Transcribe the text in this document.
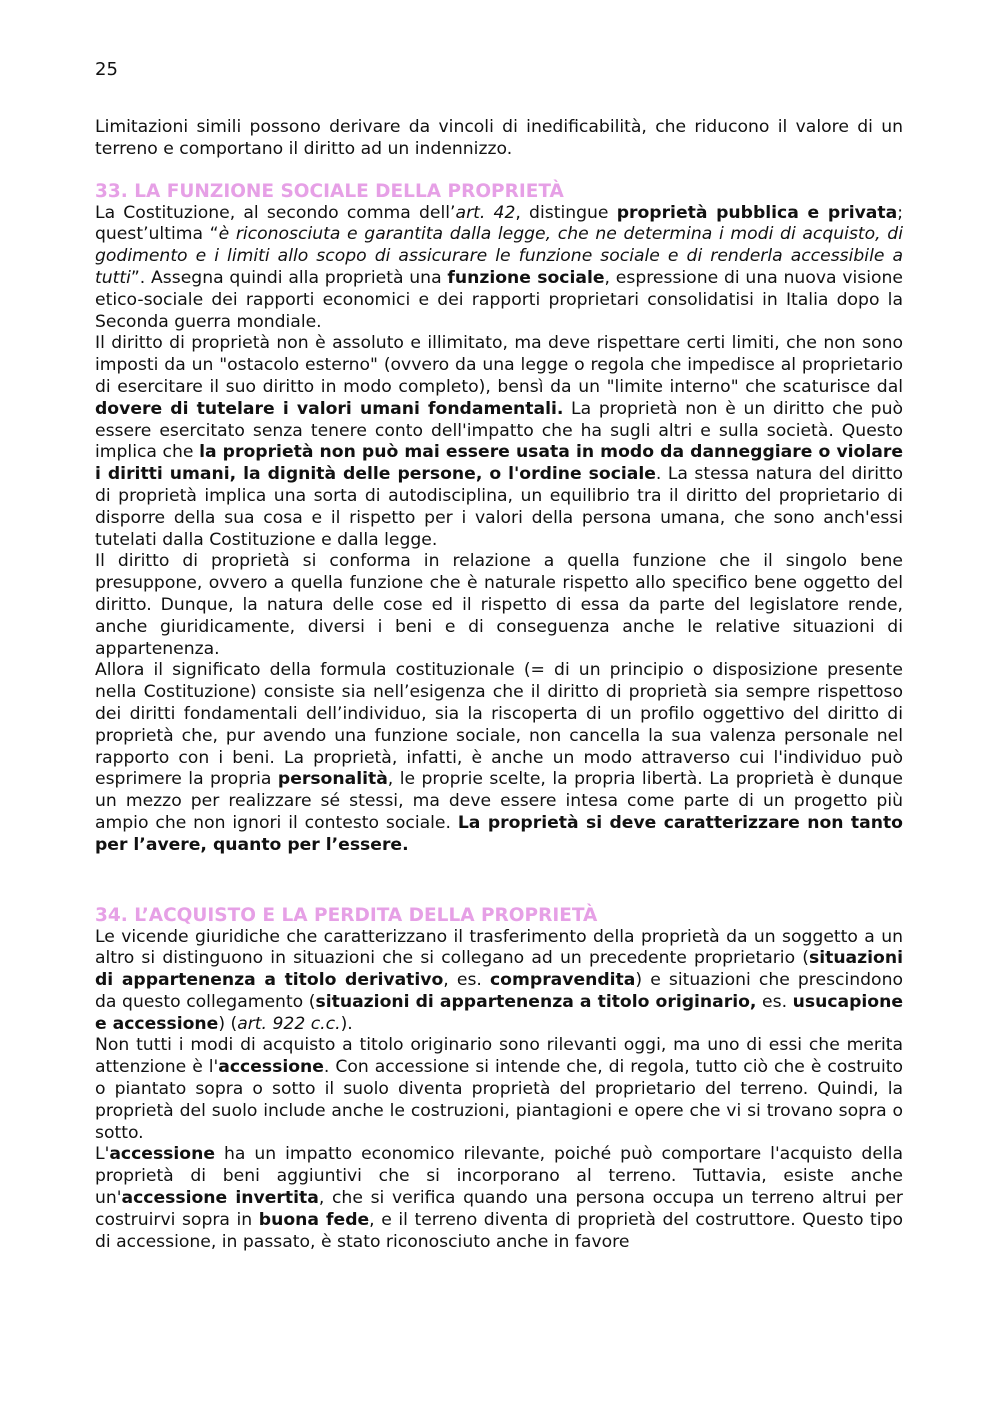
25

Limitazioni simili possono derivare da vincoli di inedificabilità, che riducono il valore di un terreno e comportano il diritto ad un indennizzo.

33. LA FUNZIONE SOCIALE DELLA PROPRIETÀ

La Costituzione, al secondo comma dell’art. 42, distingue proprietà pubblica e privata; quest’ultima “è riconosciuta e garantita dalla legge, che ne determina i modi di acquisto, di godimento e i limiti allo scopo di assicurare le funzione sociale e di renderla accessibile a tutti”. Assegna quindi alla proprietà una funzione sociale, espressione di una nuova visione etico-sociale dei rapporti economici e dei rapporti proprietari consolidatisi in Italia dopo la Seconda guerra mondiale.

Il diritto di proprietà non è assoluto e illimitato, ma deve rispettare certi limiti, che non sono imposti da un "ostacolo esterno" (ovvero da una legge o regola che impedisce al proprietario di esercitare il suo diritto in modo completo), bensì da un "limite interno" che scaturisce dal dovere di tutelare i valori umani fondamentali. La proprietà non è un diritto che può essere esercitato senza tenere conto dell'impatto che ha sugli altri e sulla società. Questo implica che la proprietà non può mai essere usata in modo da danneggiare o violare i diritti umani, la dignità delle persone, o l'ordine sociale. La stessa natura del diritto di proprietà implica una sorta di autodisciplina, un equilibrio tra il diritto del proprietario di disporre della sua cosa e il rispetto per i valori della persona umana, che sono anch'essi tutelati dalla Costituzione e dalla legge.

Il diritto di proprietà si conforma in relazione a quella funzione che il singolo bene presuppone, ovvero a quella funzione che è naturale rispetto allo specifico bene oggetto del diritto. Dunque, la natura delle cose ed il rispetto di essa da parte del legislatore rende, anche giuridicamente, diversi i beni e di conseguenza anche le relative situazioni di appartenenza.

Allora il significato della formula costituzionale (= di un principio o disposizione presente nella Costituzione) consiste sia nell’esigenza che il diritto di proprietà sia sempre rispettoso dei diritti fondamentali dell’individuo, sia la riscoperta di un profilo oggettivo del diritto di proprietà che, pur avendo una funzione sociale, non cancella la sua valenza personale nel rapporto con i beni. La proprietà, infatti, è anche un modo attraverso cui l'individuo può esprimere la propria personalità, le proprie scelte, la propria libertà. La proprietà è dunque un mezzo per realizzare sé stessi, ma deve essere intesa come parte di un progetto più ampio che non ignori il contesto sociale. La proprietà si deve caratterizzare non tanto per l’avere, quanto per l’essere.

34. L’ACQUISTO E LA PERDITA DELLA PROPRIETÀ

Le vicende giuridiche che caratterizzano il trasferimento della proprietà da un soggetto a un altro si distinguono in situazioni che si collegano ad un precedente proprietario (situazioni di appartenenza a titolo derivativo, es. compravendita) e situazioni che prescindono da questo collegamento (situazioni di appartenenza a titolo originario, es. usucapione e accessione) (art. 922 c.c.).

Non tutti i modi di acquisto a titolo originario sono rilevanti oggi, ma uno di essi che merita attenzione è l'accessione. Con accessione si intende che, di regola, tutto ciò che è costruito o piantato sopra o sotto il suolo diventa proprietà del proprietario del terreno. Quindi, la proprietà del suolo include anche le costruzioni, piantagioni e opere che vi si trovano sopra o sotto.

L'accessione ha un impatto economico rilevante, poiché può comportare l'acquisto della proprietà di beni aggiuntivi che si incorporano al terreno. Tuttavia, esiste anche un'accessione invertita, che si verifica quando una persona occupa un terreno altrui per costruirvi sopra in buona fede, e il terreno diventa di proprietà del costruttore. Questo tipo di accessione, in passato, è stato riconosciuto anche in favore
